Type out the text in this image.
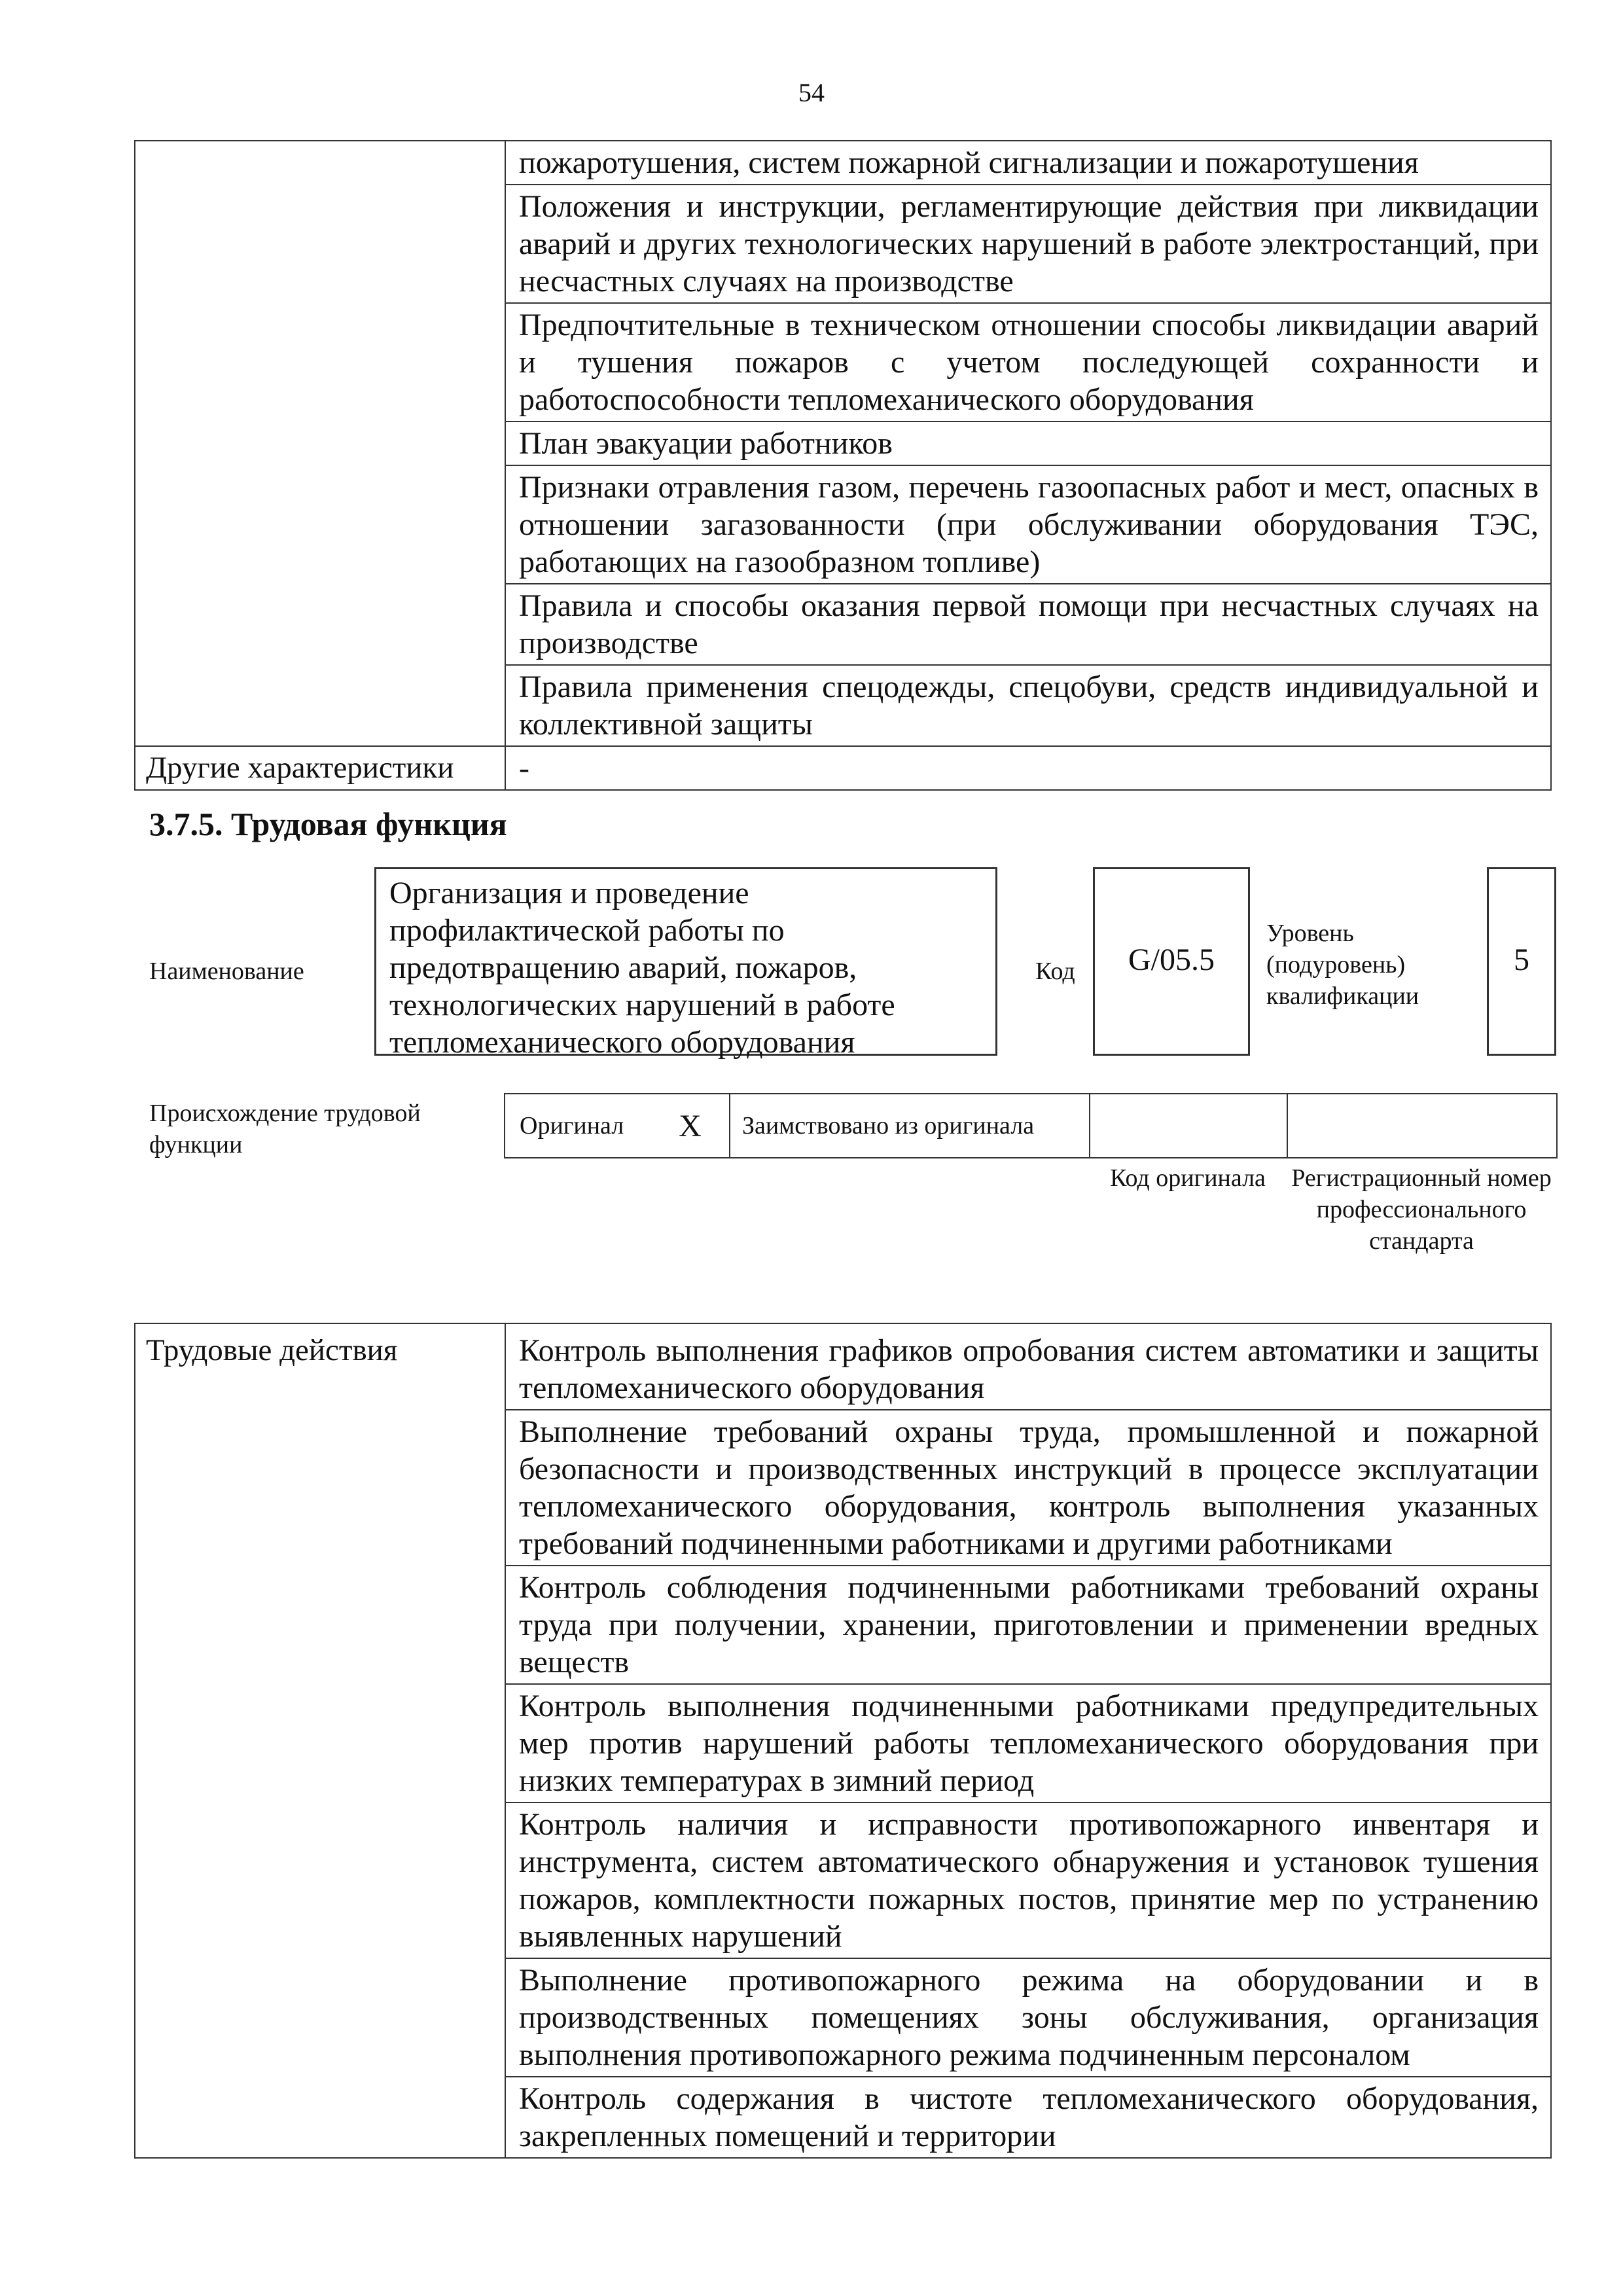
54

	пожаротушения, систем пожарной сигнализации и пожаротушения

	Положения и инструкции, регламентирующие действия при ликвидации аварий и других технологических нарушений в работе электростанций, при несчастных случаях на производстве

	Предпочтительные в техническом отношении способы ликвидации аварий и тушения пожаров с учетом последующей сохранности и работоспособности тепломеханического оборудования

	План эвакуации работников

	Признаки отравления газом, перечень газоопасных работ и мест, опасных в отношении загазованности (при обслуживании оборудования ТЭС, работающих на газообразном топливе)

	Правила и способы оказания первой помощи при несчастных случаях на производстве

	Правила применения спецодежды, спецобуви, средств индивидуальной и коллективной защиты

Другие характеристики	-
3.7.5. Трудовая функция
Наименование
Организация и проведение профилактической работы по предотвращению аварий, пожаров, технологических нарушений в работе тепломеханического оборудования
Код	G/05.5
Уровень (подуровень) квалификации
5
Происхождение трудовой функции
Оригинал	X	Заимствовано из оригинала

Код оригинала	Регистрационный номер профессионального стандарта
Трудовые действия	Контроль выполнения графиков опробования систем автоматики и защиты тепломеханического оборудования

Выполнение требований охраны труда, промышленной и пожарной безопасности и производственных инструкций в процессе эксплуатации тепломеханического оборудования, контроль выполнения указанных требований подчиненными работниками и другими работниками

Контроль соблюдения подчиненными работниками требований охраны труда при получении, хранении, приготовлении и применении вредных веществ

Контроль выполнения подчиненными работниками предупредительных мер против нарушений работы тепломеханического оборудования при низких температурах в зимний период

Контроль наличия и исправности противопожарного инвентаря и инструмента, систем автоматического обнаружения и установок тушения пожаров, комплектности пожарных постов, принятие мер по устранению выявленных нарушений

Выполнение противопожарного режима на оборудовании и в производственных помещениях зоны обслуживания, организация выполнения противопожарного режима подчиненным персоналом

Контроль содержания в чистоте тепломеханического оборудования, закрепленных помещений и территории
